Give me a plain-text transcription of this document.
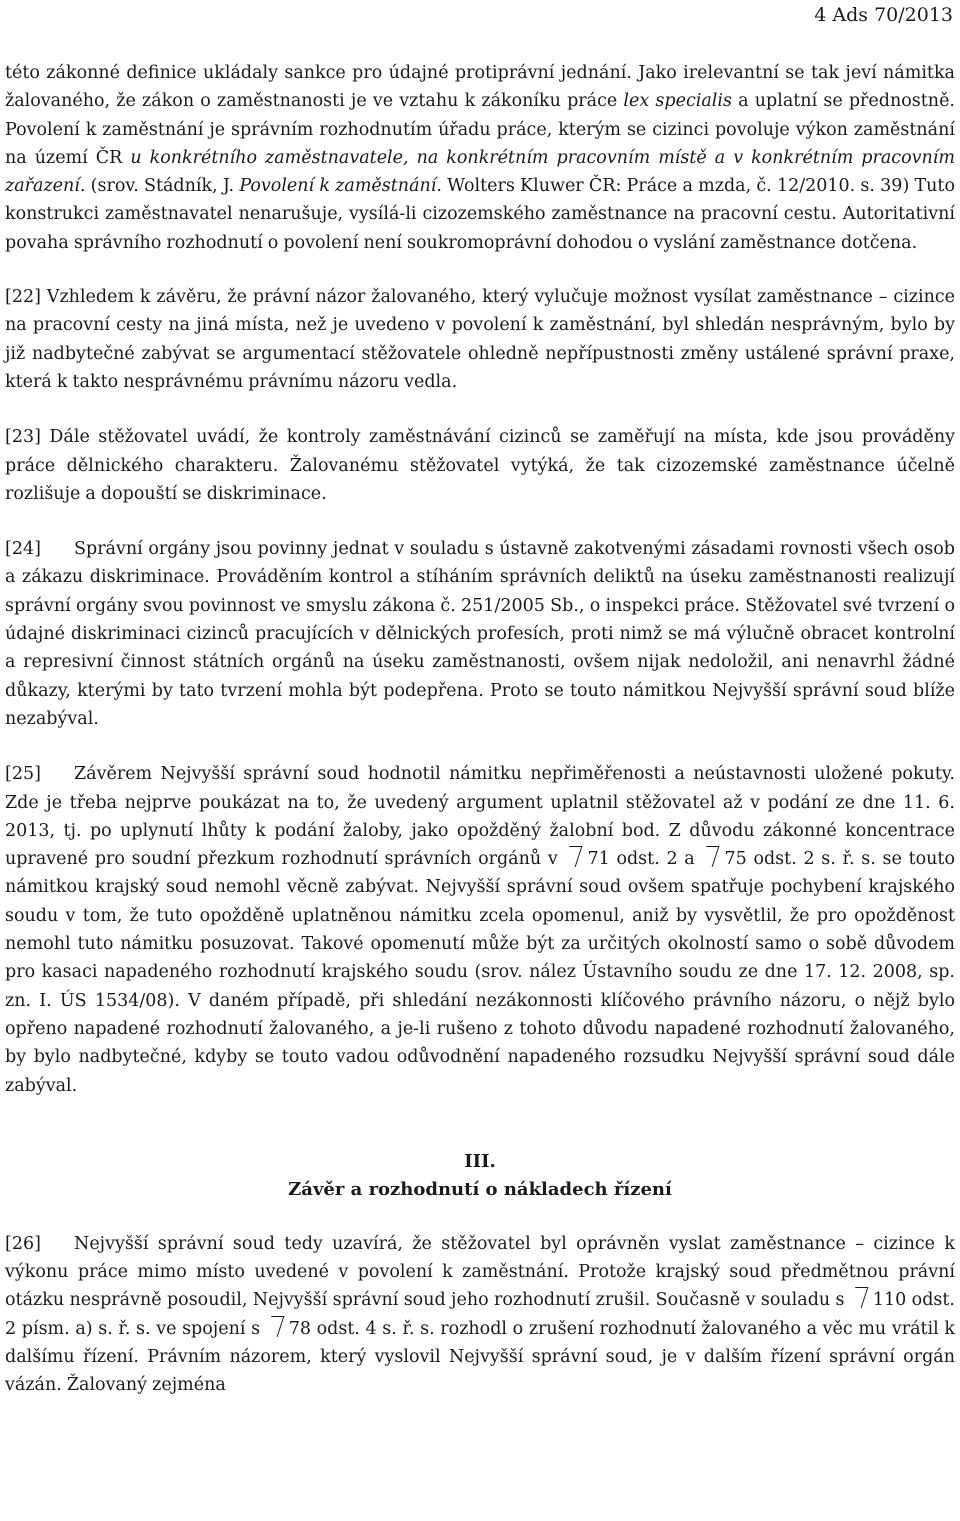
4 Ads 70/2013

této zákonné definice ukládaly sankce pro údajné protiprávní jednání. Jako irelevantní se tak jeví námitka žalovaného, že zákon o zaměstnanosti je ve vztahu k zákoníku práce lex specialis a uplatní se přednostně. Povolení k zaměstnání je správním rozhodnutím úřadu práce, kterým se cizinci povoluje výkon zaměstnání na území ČR u konkrétního zaměstnavatele, na konkrétním pracovním místě a v konkrétním pracovním zařazení. (srov. Stádník, J. Povolení k zaměstnání. Wolters Kluwer ČR: Práce a mzda, č. 12/2010. s. 39) Tuto konstrukci zaměstnavatel nenarušuje, vysílá-li cizozemského zaměstnance na pracovní cestu. Autoritativní povaha správního rozhodnutí o povolení není soukromoprávní dohodou o vyslání zaměstnance dotčena.

[22] Vzhledem k závěru, že právní názor žalovaného, který vylučuje možnost vysílat zaměstnance – cizince na pracovní cesty na jiná místa, než je uvedeno v povolení k zaměstnání, byl shledán nesprávným, bylo by již nadbytečné zabývat se argumentací stěžovatele ohledně nepřípustnosti změny ustálené správní praxe, která k takto nesprávnému právnímu názoru vedla.

[23] Dále stěžovatel uvádí, že kontroly zaměstnávání cizinců se zaměřují na místa, kde jsou prováděny práce dělnického charakteru. Žalovanému stěžovatel vytýká, že tak cizozemské zaměstnance účelně rozlišuje a dopouští se diskriminace.

[24] Správní orgány jsou povinny jednat v souladu s ústavně zakotvenými zásadami rovnosti všech osob a zákazu diskriminace. Prováděním kontrol a stíháním správních deliktů na úseku zaměstnanosti realizují správní orgány svou povinnost ve smyslu zákona č. 251/2005 Sb., o inspekci práce. Stěžovatel své tvrzení o údajné diskriminaci cizinců pracujících v dělnických profesích, proti nimž se má výlučně obracet kontrolní a represivní činnost státních orgánů na úseku zaměstnanosti, ovšem nijak nedoložil, ani nenavrhl žádné důkazy, kterými by tato tvrzení mohla být podepřena. Proto se touto námitkou Nejvyšší správní soud blíže nezabýval.

[25] Závěrem Nejvyšší správní soud hodnotil námitku nepřiměřenosti a neústavnosti uložené pokuty. Zde je třeba nejprve poukázat na to, že uvedený argument uplatnil stěžovatel až v podání ze dne 11. 6. 2013, tj. po uplynutí lhůty k podání žaloby, jako opožděný žalobní bod. Z důvodu zákonné koncentrace upravené pro soudní přezkum rozhodnutí správních orgánů v 71 odst. 2 a 75 odst. 2 s. ř. s. se touto námitkou krajský soud nemohl věcně zabývat. Nejvyšší správní soud ovšem spatřuje pochybení krajského soudu v tom, že tuto opožděně uplatněnou námitku zcela opomenul, aniž by vysvětlil, že pro opožděnost nemohl tuto námitku posuzovat. Takové opomenutí může být za určitých okolností samo o sobě důvodem pro kasaci napadeného rozhodnutí krajského soudu (srov. nález Ústavního soudu ze dne 17. 12. 2008, sp. zn. I. ÚS 1534/08). V daném případě, při shledání nezákonnosti klíčového právního názoru, o nějž bylo opřeno napadené rozhodnutí žalovaného, a je-li rušeno z tohoto důvodu napadené rozhodnutí žalovaného, by bylo nadbytečné, kdyby se touto vadou odůvodnění napadeného rozsudku Nejvyšší správní soud dále zabýval.

III.
Závěr a rozhodnutí o nákladech řízení

[26] Nejvyšší správní soud tedy uzavírá, že stěžovatel byl oprávněn vyslat zaměstnance – cizince k výkonu práce mimo místo uvedené v povolení k zaměstnání. Protože krajský soud předmětnou právní otázku nesprávně posoudil, Nejvyšší správní soud jeho rozhodnutí zrušil. Současně v souladu s 110 odst. 2 písm. a) s. ř. s. ve spojení s 78 odst. 4 s. ř. s. rozhodl o zrušení rozhodnutí žalovaného a věc mu vrátil k dalšímu řízení. Právním názorem, který vyslovil Nejvyšší správní soud, je v dalším řízení správní orgán vázán. Žalovaný zejména
